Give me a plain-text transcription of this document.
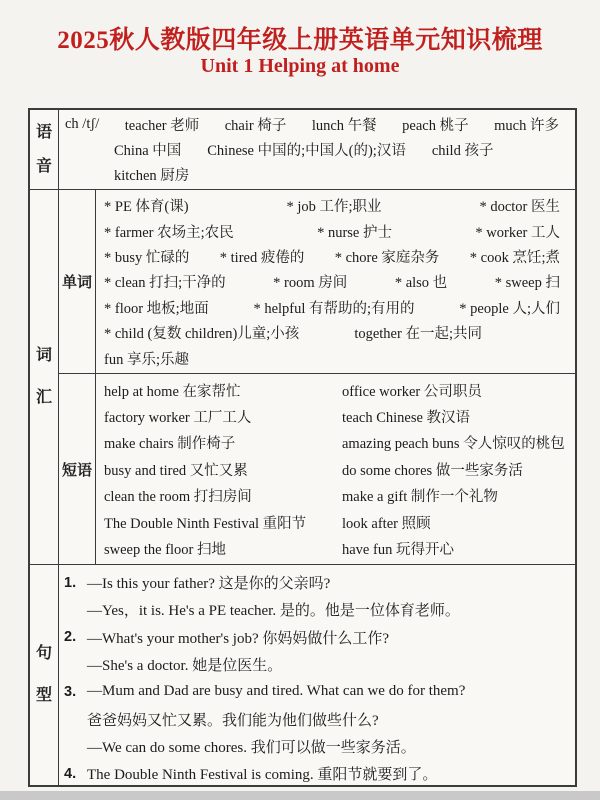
2025秋人教版四年级上册英语单元知识梳理
Unit 1 Helping at home
语音
ch /tʃ/ teacher 老师 chair 椅子 lunch 午餐 peach 桃子 much 许多
China 中国 Chinese 中国的;中国人(的);汉语 child 孩子
kitchen 厨房
词汇
单词
* PE 体育(课)	* job 工作;职业	* doctor 医生
* farmer 农场主;农民	* nurse 护士	* worker 工人
* busy 忙碌的 * tired 疲倦的 * chore 家庭杂务 * cook 烹饪;煮
* clean 打扫;干净的	* room 房间	* also 也	* sweep 扫
* floor 地板;地面	* helpful 有帮助的;有用的	* people 人;人们
* child (复数 children)儿童;小孩	together 在一起;共同
fun 享乐;乐趣
短语
help at home 在家帮忙	office worker 公司职员
factory worker 工厂工人	teach Chinese 教汉语
make chairs 制作椅子	amazing peach buns 令人惊叹的桃包
busy and tired 又忙又累	do some chores 做一些家务活
clean the room 打扫房间	make a gift 制作一个礼物
The Double Ninth Festival 重阳节	look after 照顾
sweep the floor 扫地	have fun 玩得开心
句型
1. —Is this your father? 这是你的父亲吗?
—Yes，it is. He's a PE teacher. 是的。他是一位体育老师。
2. —What's your mother's job? 你妈妈做什么工作?
—She's a doctor. 她是位医生。
3. —Mum and Dad are busy and tired. What can we do for them?
爸爸妈妈又忙又累。我们能为他们做些什么?
—We can do some chores. 我们可以做一些家务活。
4. The Double Ninth Festival is coming. 重阳节就要到了。
